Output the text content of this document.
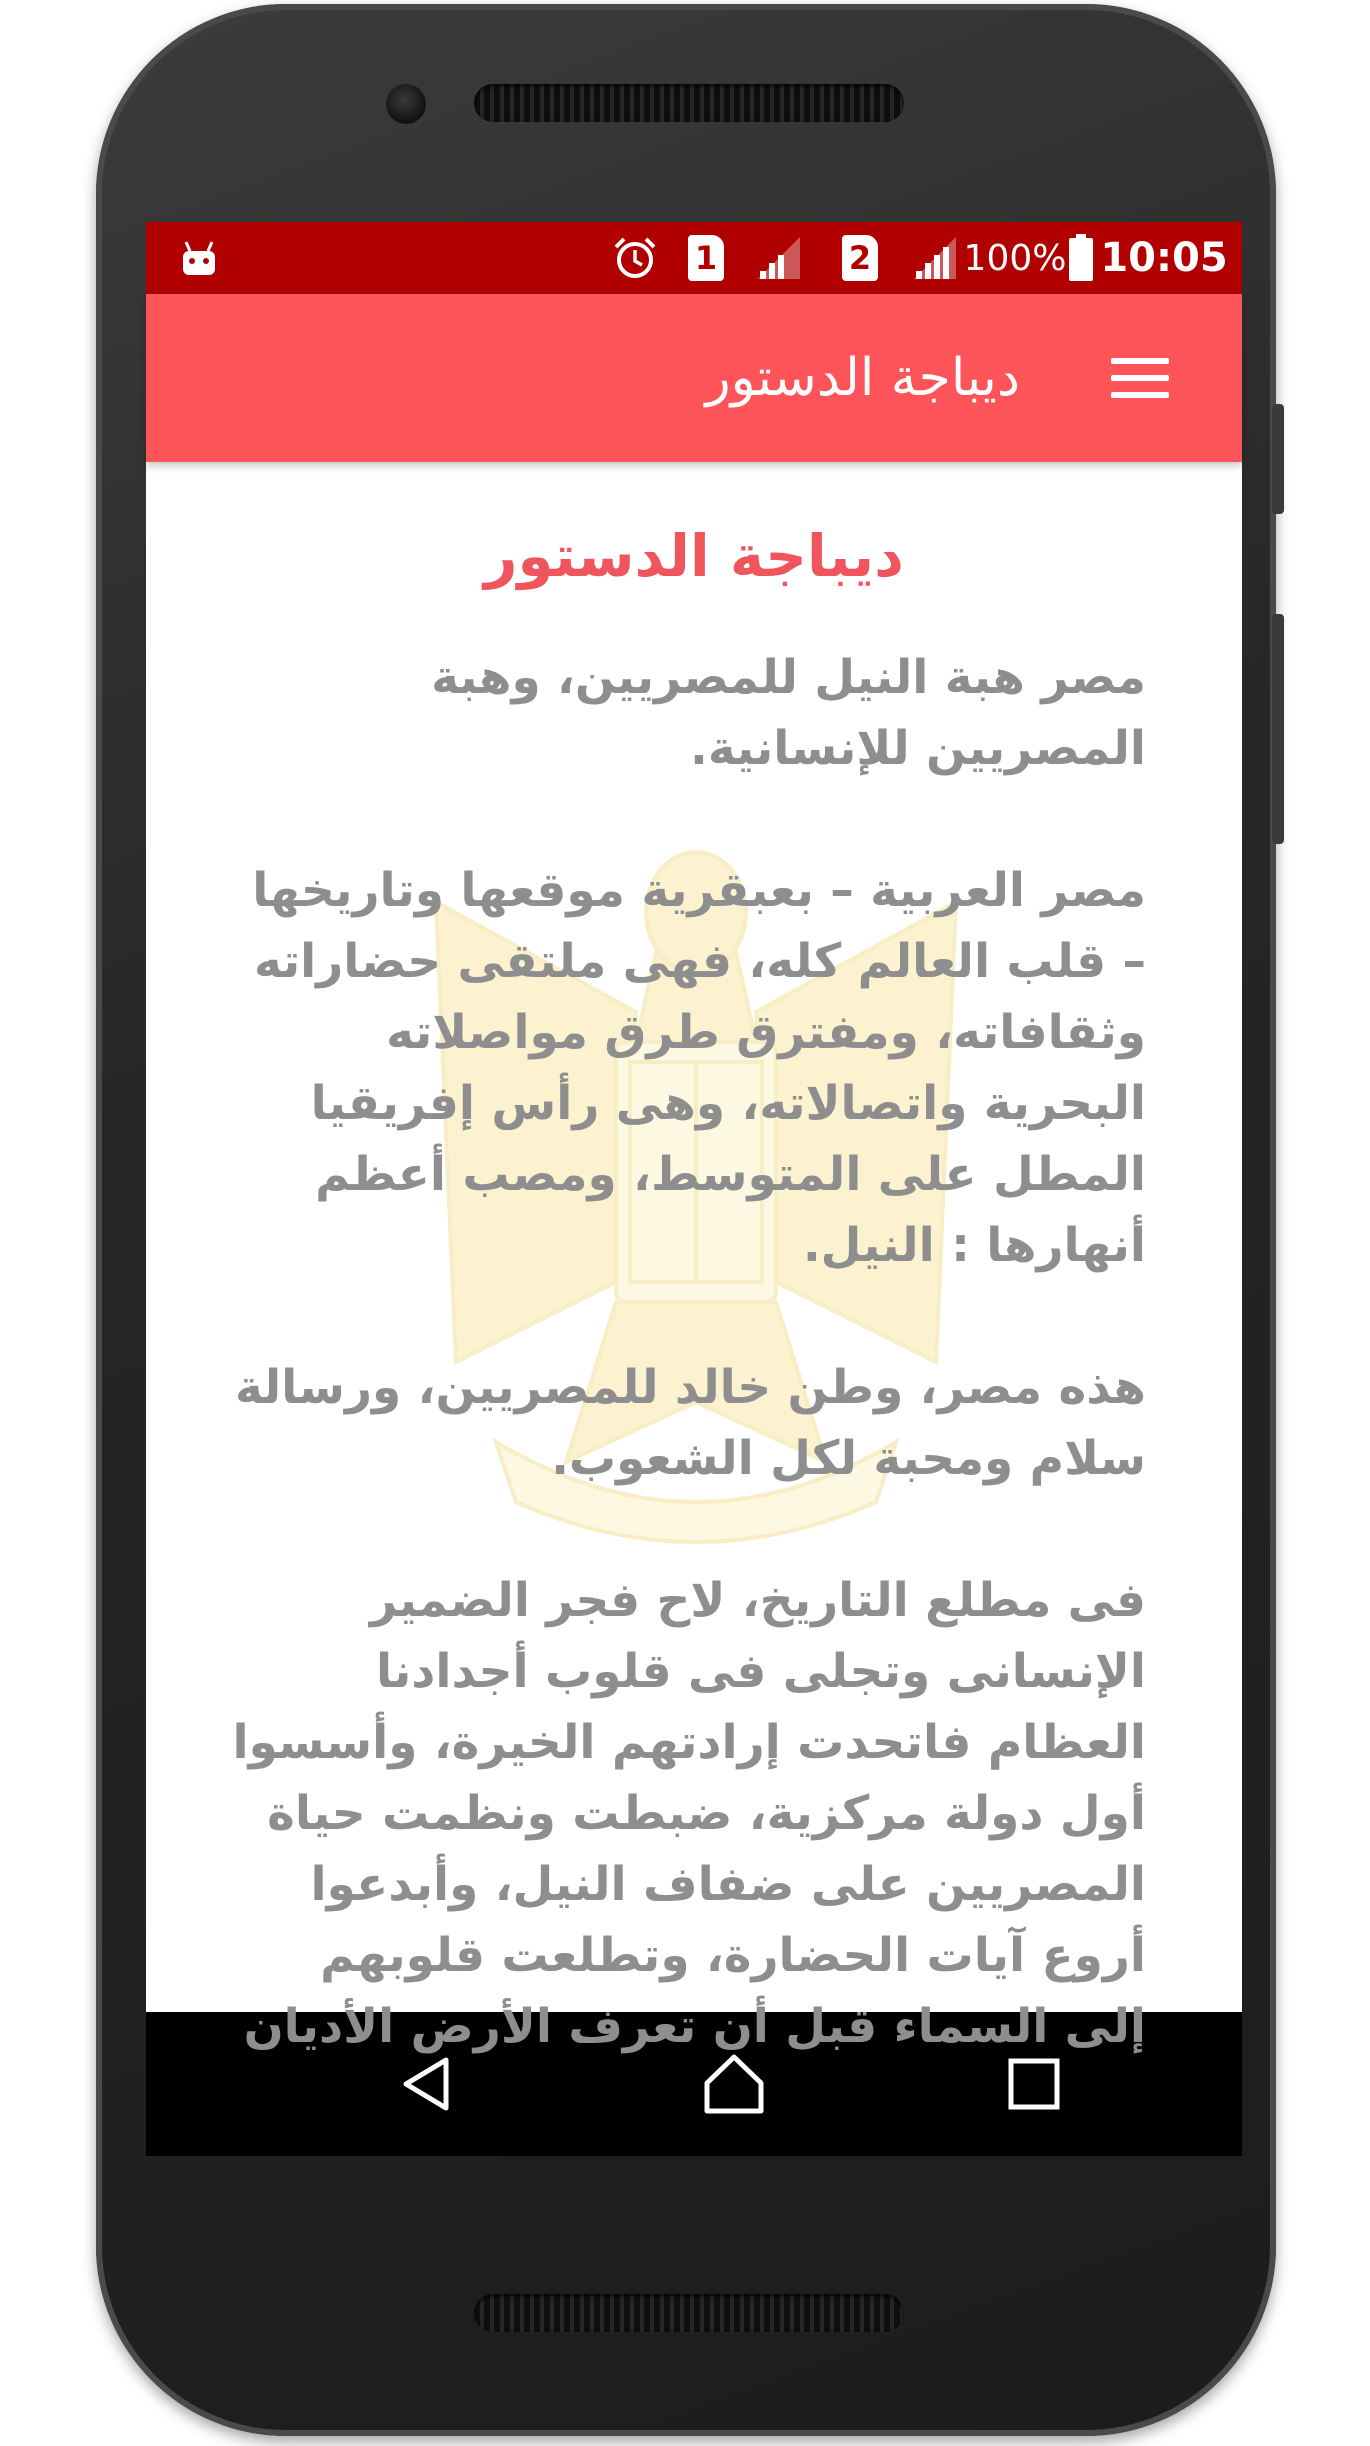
1	2	100% 10:05
ديباجة الدستور
ديباجة الدستور

مصر هبة النيل للمصريين، وهبة المصريين للإنسانية.

مصر العربية – بعبقرية موقعها وتاريخها – قلب العالم كله، فهى ملتقى حضاراته وثقافاته، ومفترق طرق مواصلاته البحرية واتصالاته، وهى رأس إفريقيا المطل على المتوسط، ومصب أعظم أنهارها : النيل.

هذه مصر، وطن خالد للمصريين، ورسالة سلام ومحبة لكل الشعوب.

فى مطلع التاريخ، لاح فجر الضمير الإنسانى وتجلى فى قلوب أجدادنا العظام فاتحدت إرادتهم الخيرة، وأسسوا أول دولة مركزية، ضبطت ونظمت حياة المصريين على ضفاف النيل، وأبدعوا أروع آيات الحضارة، وتطلعت قلوبهم إلى السماء قبل أن تعرف الأرض الأديان
